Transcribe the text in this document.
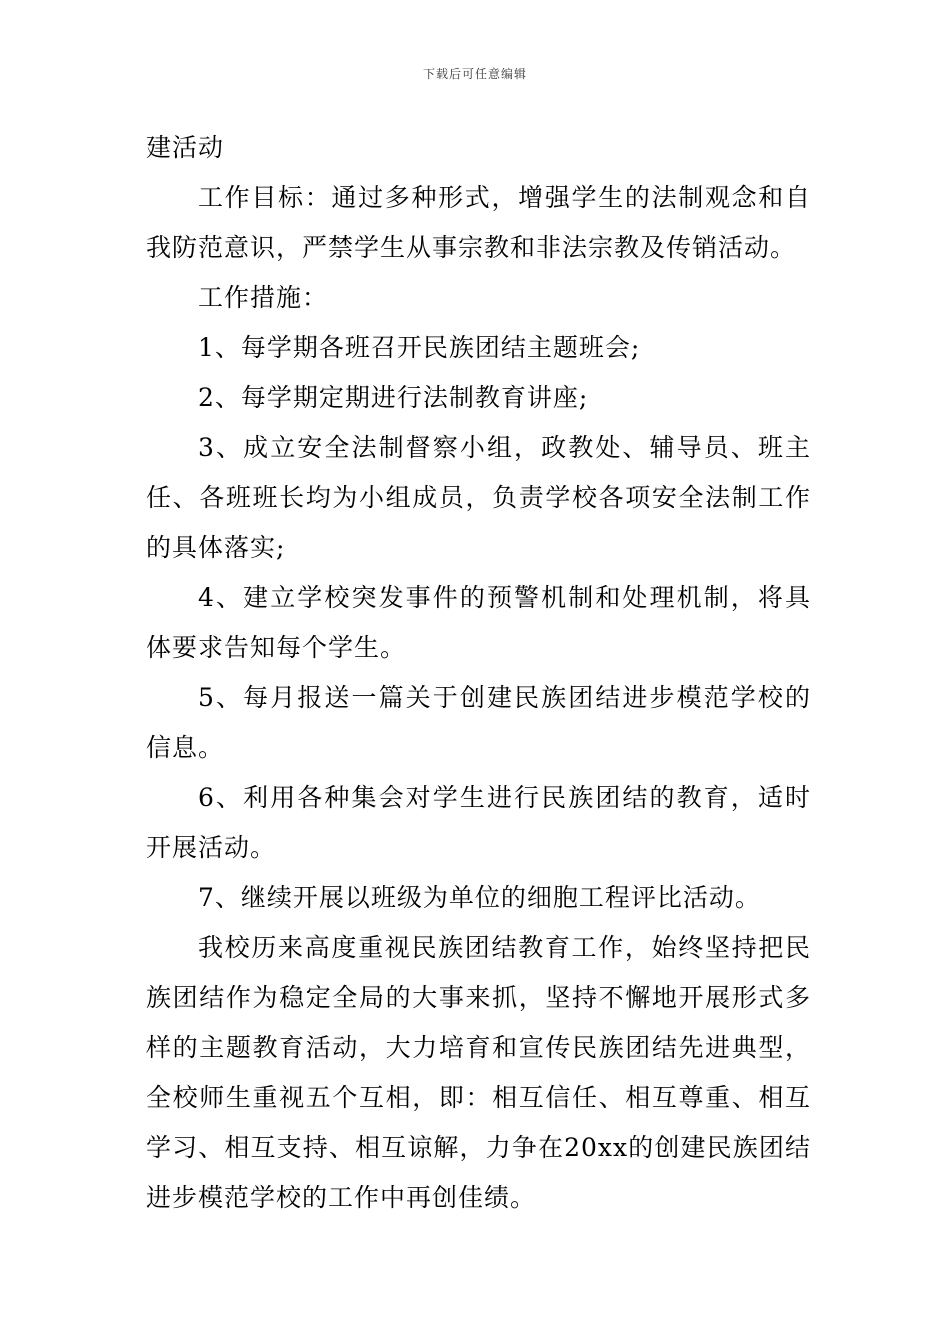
下载后可任意编辑

建活动

工作目标：通过多种形式，增强学生的法制观念和自我防范意识，严禁学生从事宗教和非法宗教及传销活动。

工作措施：

1、每学期各班召开民族团结主题班会;

2、每学期定期进行法制教育讲座;

3、成立安全法制督察小组，政教处、辅导员、班主任、各班班长均为小组成员，负责学校各项安全法制工作的具体落实;

4、建立学校突发事件的预警机制和处理机制，将具体要求告知每个学生。

5、每月报送一篇关于创建民族团结进步模范学校的信息。

6、利用各种集会对学生进行民族团结的教育，适时开展活动。

7、继续开展以班级为单位的细胞工程评比活动。

我校历来高度重视民族团结教育工作，始终坚持把民族团结作为稳定全局的大事来抓，坚持不懈地开展形式多样的主题教育活动，大力培育和宣传民族团结先进典型，全校师生重视五个互相，即：相互信任、相互尊重、相互学习、相互支持、相互谅解，力争在20xx的创建民族团结进步模范学校的工作中再创佳绩。
